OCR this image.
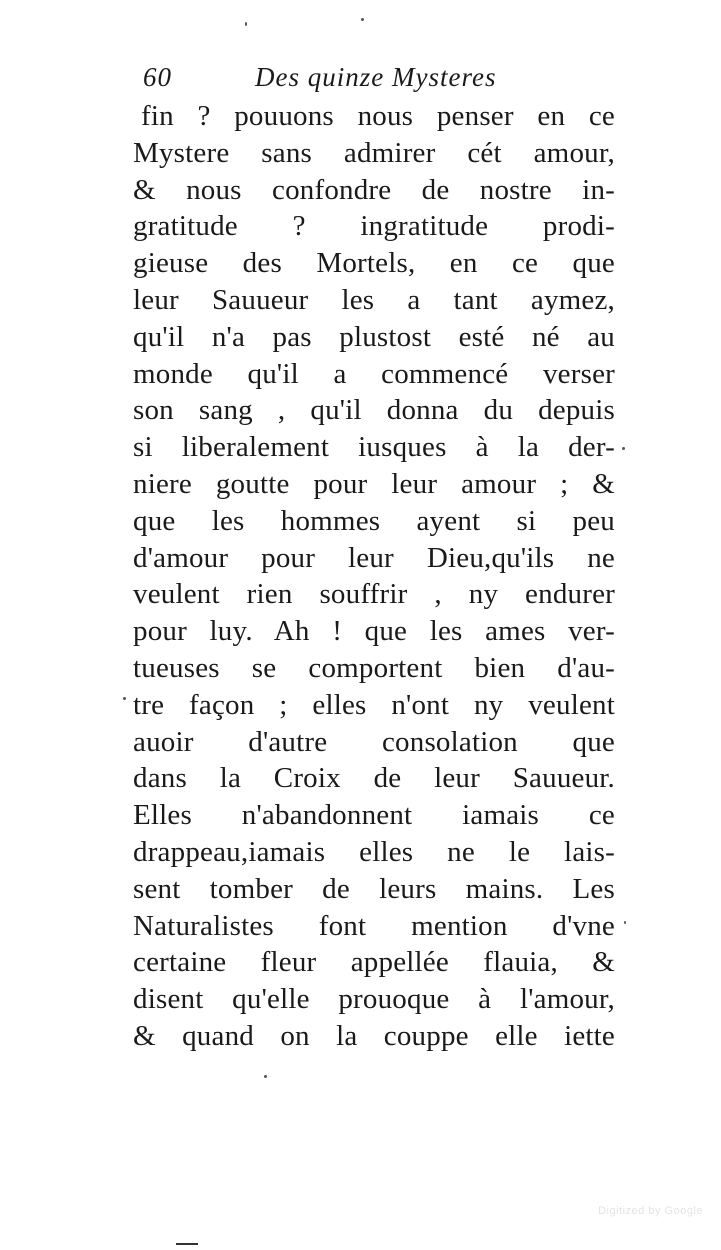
60	Des quinze Mysteres
fin ? pouuons nous penser en ce
Mystere sans admirer cét amour,
& nous confondre de nostre in-
gratitude ? ingratitude prodi-
gieuse des Mortels, en ce que
leur Sauueur les a tant aymez,
qu'il n'a pas plustost esté né au
monde qu'il a commencé verser
son sang , qu'il donna du depuis
si liberalement iusques à la der-
niere goutte pour leur amour ; &
que les hommes ayent si peu
d'amour pour leur Dieu,qu'ils ne
veulent rien souffrir , ny endurer
pour luy. Ah ! que les ames ver-
tueuses se comportent bien d'au-
tre façon ; elles n'ont ny veulent
auoir d'autre consolation que
dans la Croix de leur Sauueur.
Elles n'abandonnent iamais ce
drappeau,iamais elles ne le lais-
sent tomber de leurs mains. Les
Naturalistes font mention d'vne
certaine fleur appellée flauia, &
disent qu'elle prouoque à l'amour,
& quand on la couppe elle iette
Digitized by Google
